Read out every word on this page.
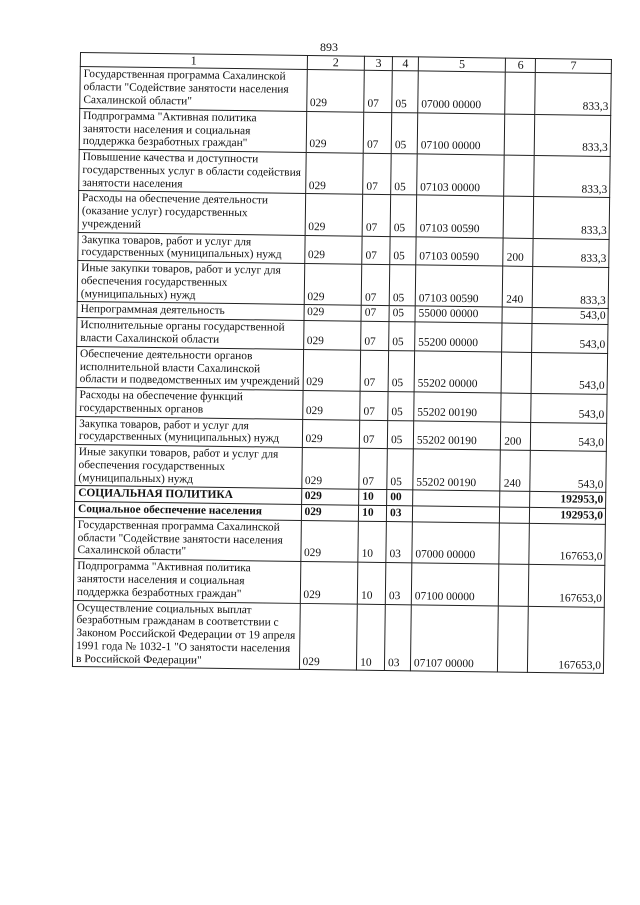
893
1	2	3	4	5	6	7
Государственная программа Сахалинской области "Содействие занятости населения Сахалинской области"	029	07	05	07000 00000		833,3
Подпрограмма "Активная политика занятости населения и социальная поддержка безработных граждан"	029	07	05	07100 00000		833,3
Повышение качества и доступности государственных услуг в области содействия занятости населения	029	07	05	07103 00000		833,3
Расходы на обеспечение деятельности (оказание услуг) государственных учреждений	029	07	05	07103 00590		833,3
Закупка товаров, работ и услуг для государственных (муниципальных) нужд	029	07	05	07103 00590	200	833,3
Иные закупки товаров, работ и услуг для обеспечения государственных (муниципальных) нужд	029	07	05	07103 00590	240	833,3
Непрограммная деятельность	029	07	05	55000 00000		543,0
Исполнительные органы государственной власти Сахалинской области	029	07	05	55200 00000		543,0
Обеспечение деятельности органов исполнительной власти Сахалинской области и подведомственных им учреждений	029	07	05	55202 00000		543,0
Расходы на обеспечение функций государственных органов	029	07	05	55202 00190		543,0
Закупка товаров, работ и услуг для государственных (муниципальных) нужд	029	07	05	55202 00190	200	543,0
Иные закупки товаров, работ и услуг для обеспечения государственных (муниципальных) нужд	029	07	05	55202 00190	240	543,0
СОЦИАЛЬНАЯ ПОЛИТИКА	029	10	00			192953,0
Социальное обеспечение населения	029	10	03			192953,0
Государственная программа Сахалинской области "Содействие занятости населения Сахалинской области"	029	10	03	07000 00000		167653,0
Подпрограмма "Активная политика занятости населения и социальная поддержка безработных граждан"	029	10	03	07100 00000		167653,0
Осуществление социальных выплат безработным гражданам в соответствии с Законом Российской Федерации от 19 апреля 1991 года № 1032-1 "О занятости населения в Российской Федерации"	029	10	03	07107 00000		167653,0
